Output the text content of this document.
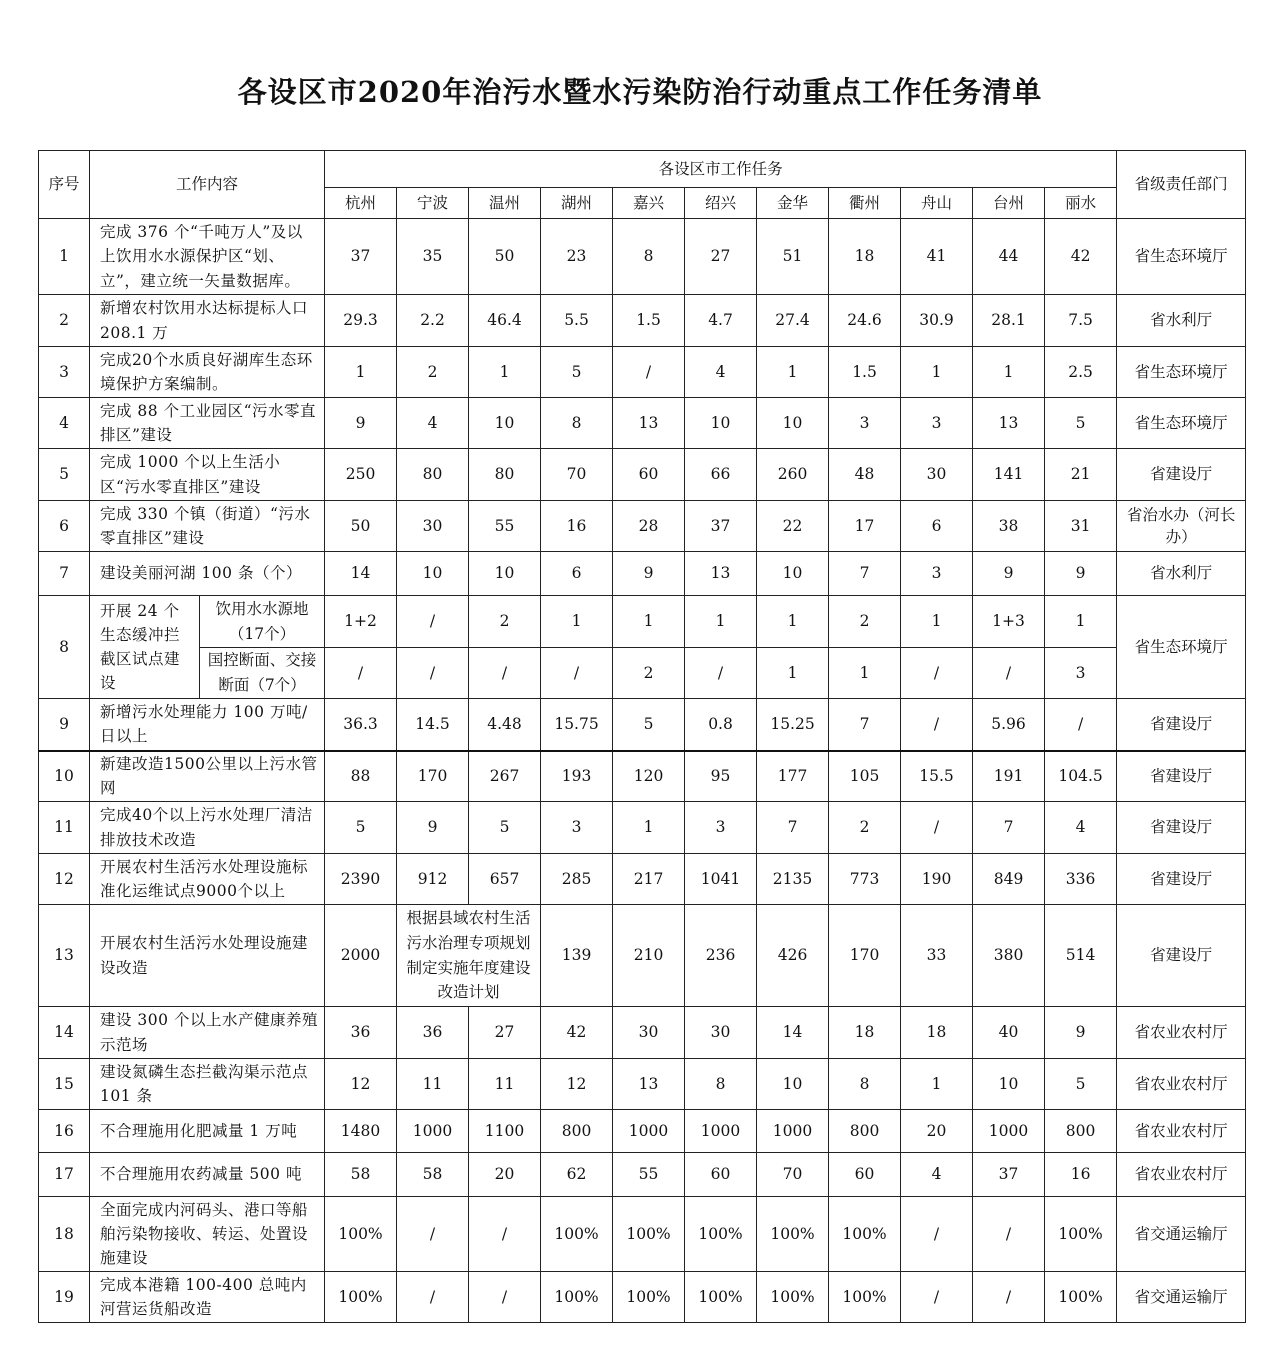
各设区市2020年治污水暨水污染防治行动重点工作任务清单
序号	工作内容		各设区市工作任务											省级责任部门
			杭州	宁波	温州	湖州	嘉兴	绍兴	金华	衢州	舟山	台州	丽水	
1	完成 376 个“千吨万人”及以上饮用水水源保护区“划、立”，建立统一矢量数据库。		37	35	50	23	8	27	51	18	41	44	42	省生态环境厅
2	新增农村饮用水达标提标人口 208.1 万		29.3	2.2	46.4	5.5	1.5	4.7	27.4	24.6	30.9	28.1	7.5	省水利厅
3	完成20个水质良好湖库生态环境保护方案编制。		1	2	1	5	/	4	1	1.5	1	1	2.5	省生态环境厅
4	完成 88 个工业园区“污水零直排区”建设		9	4	10	8	13	10	10	3	3	13	5	省生态环境厅
5	完成 1000 个以上生活小区“污水零直排区”建设		250	80	80	70	60	66	260	48	30	141	21	省建设厅
6	完成 330 个镇（街道）“污水零直排区”建设		50	30	55	16	28	37	22	17	6	38	31	省治水办（河长办）
7	建设美丽河湖 100 条（个）		14	10	10	6	9	13	10	7	3	9	9	省水利厅
8	开展 24 个生态缓冲拦截区试点建设	饮用水水源地（17个）	1+2	/	2	1	1	1	1	2	1	1+3	1	省生态环境厅
		国控断面、交接断面（7个）	/	/	/	/	2	/	1	1	/	/	3	
9	新增污水处理能力 100 万吨/日以上		36.3	14.5	4.48	15.75	5	0.8	15.25	7	/	5.96	/	省建设厅
10	新建改造1500公里以上污水管网		88	170	267	193	120	95	177	105	15.5	191	104.5	省建设厅
11	完成40个以上污水处理厂清洁排放技术改造		5	9	5	3	1	3	7	2	/	7	4	省建设厅
12	开展农村生活污水处理设施标准化运维试点9000个以上		2390	912	657	285	217	1041	2135	773	190	849	336	省建设厅
13	开展农村生活污水处理设施建设改造		2000	根据县域农村生活污水治理专项规划制定实施年度建设改造计划		139	210	236	426	170	33	380	514	省建设厅
14	建设 300 个以上水产健康养殖示范场		36	36	27	42	30	30	14	18	18	40	9	省农业农村厅
15	建设氮磷生态拦截沟渠示范点 101 条		12	11	11	12	13	8	10	8	1	10	5	省农业农村厅
16	不合理施用化肥减量 1 万吨		1480	1000	1100	800	1000	1000	1000	800	20	1000	800	省农业农村厅
17	不合理施用农药减量 500 吨		58	58	20	62	55	60	70	60	4	37	16	省农业农村厅
18	全面完成内河码头、港口等船舶污染物接收、转运、处置设施建设		100%	/	/	100%	100%	100%	100%	100%	/	/	100%	省交通运输厅
19	完成本港籍 100-400 总吨内河营运货船改造		100%	/	/	100%	100%	100%	100%	100%	/	/	100%	省交通运输厅
